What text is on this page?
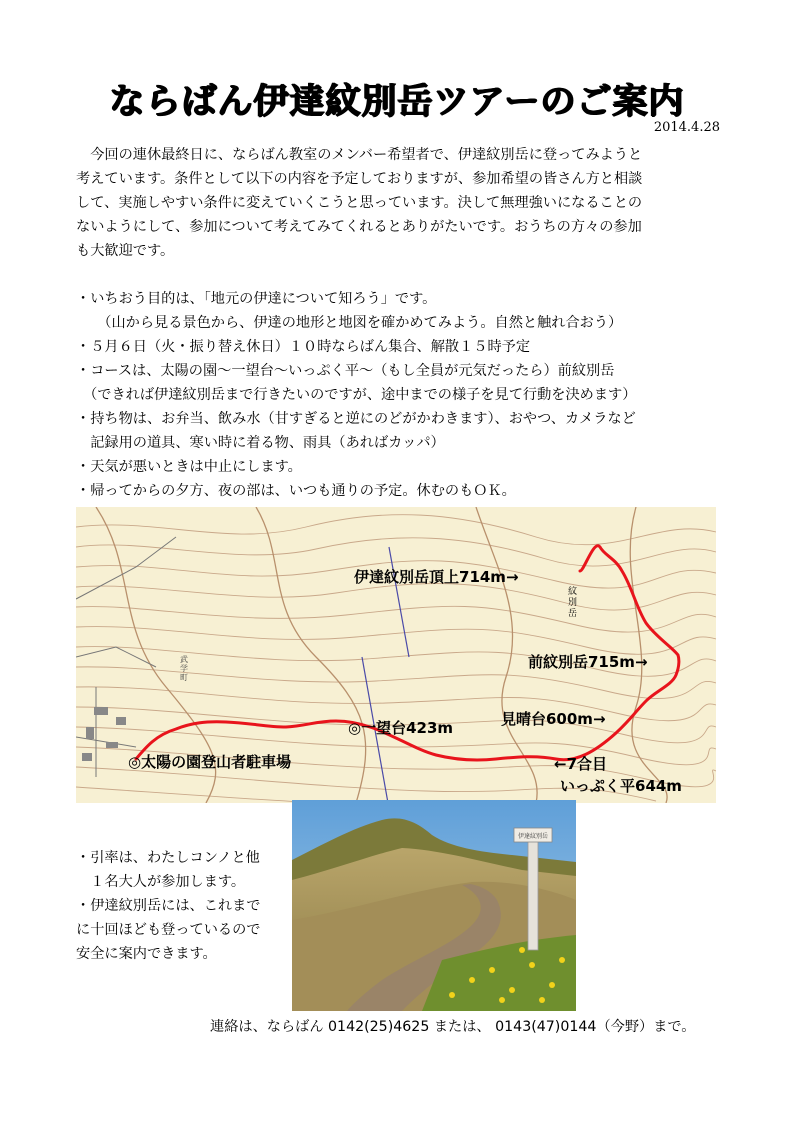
ならばん伊達紋別岳ツアーのご案内
2014.4.28
　今回の連休最終日に、ならばん教室のメンバー希望者で、伊達紋別岳に登ってみようと
考えています。条件として以下の内容を予定しておりますが、参加希望の皆さん方と相談
して、実施しやすい条件に変えていくこうと思っています。決して無理強いになることの
ないようにして、参加について考えてみてくれるとありがたいです。おうちの方々の参加
も大歓迎です。
・いちおう目的は、「地元の伊達について知ろう」です。
　　（山から見る景色から、伊達の地形と地図を確かめてみよう。自然と触れ合おう）
・５月６日（火・振り替え休日）１０時ならばん集合、解散１５時予定
・コースは、太陽の園～一望台～いっぷく平～（もし全員が元気だったら）前紋別岳
　（できれば伊達紋別岳まで行きたいのですが、途中までの様子を見て行動を決めます）
・持ち物は、お弁当、飲み水（甘すぎると逆にのどがかわきます）、おやつ、カメラなど
　記録用の道具、寒い時に着る物、雨具（あればカッパ）
・天気が悪いときは中止にします。
・帰ってからの夕方、夜の部は、いつも通りの予定。休むのもＯＫ。
伊達紋別岳頂上714m→
紋別岳
前紋別岳715m→
見晴台600m→
◎一望台423m
←7合目
いっぷく平644m
◎太陽の園登山者駐車場
武学町
伊達紋別岳
・引率は、わたしコンノと他
　１名大人が参加します。
・伊達紋別岳には、これまで
に十回ほども登っているので
安全に案内できます。
連絡は、ならばん 0142(25)4625 または、 0143(47)0144（今野）まで。
